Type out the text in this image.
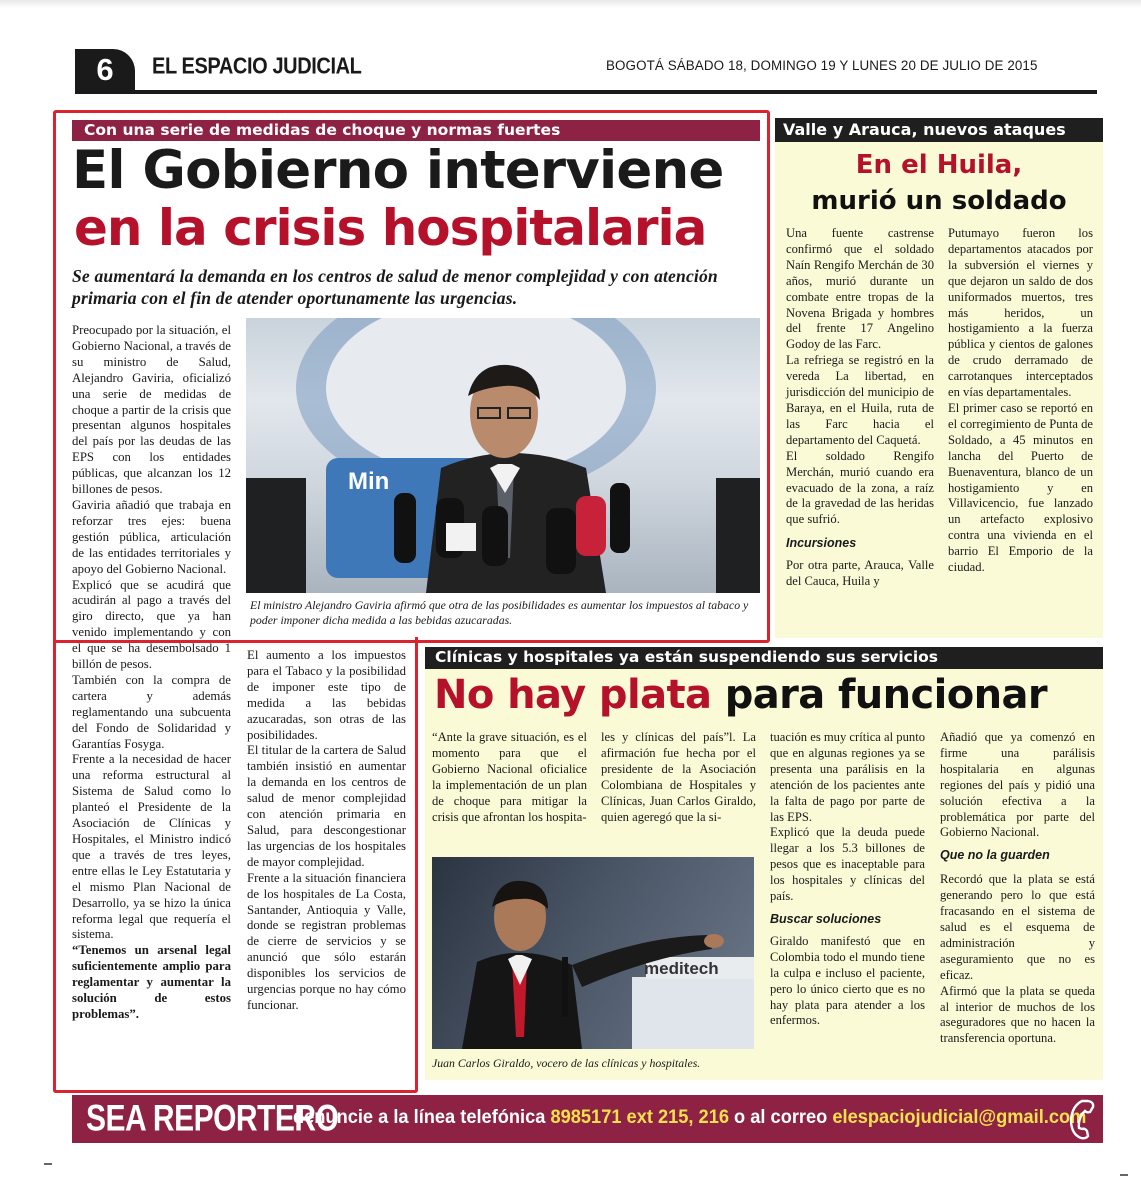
6	EL ESPACIO JUDICIAL	BOGOTÁ SÁBADO 18, DOMINGO 19 Y LUNES 20 DE JULIO DE 2015
Con una serie de medidas de choque y normas fuertes
El Gobierno interviene
en la crisis hospitalaria
Se aumentará la demanda en los centros de salud de menor complejidad y con atención primaria con el fin de atender oportunamente las urgencias.

Preocupado por la situación, el Gobierno Nacional, a través de su ministro de Salud, Alejandro Gaviria, oficializó una serie de medidas de choque a partir de la crisis que presentan algunos hospitales del país por las deudas de las EPS con los entidades públicas, que alcanzan los 12 billones de pesos.

Gaviria añadió que trabaja en reforzar tres ejes: buena gestión pública, articulación de las entidades territoriales y apoyo del Gobierno Nacional.

Explicó que se acudirá que acudirán al pago a través del giro directo, que ya han venido implementando y con el que se ha desembolsado 1 billón de pesos.

También con la compra de cartera y además reglamentando una subcuenta del Fondo de Solidaridad y Garantías Fosyga.

Frente a la necesidad de hacer una reforma estructural al Sistema de Salud como lo planteó el Presidente de la Asociación de Clínicas y Hospitales, el Ministro indicó que a través de tres leyes, entre ellas le Ley Estatutaria y el mismo Plan Nacional de Desarrollo, ya se hizo la única reforma legal que requería el sistema.

“Tenemos un arsenal legal suficientemente amplio para reglamentar y aumentar la solución de estos problemas”.

Min
El ministro Alejandro Gaviria afirmó que otra de las posibilidades es aumentar los impuestos al tabaco y poder imponer dicha medida a las bebidas azucaradas.

El aumento a los impuestos para el Tabaco y la posibilidad de imponer este tipo de medida a las bebidas azucaradas, son otras de las posibilidades.

El titular de la cartera de Salud también insistió en aumentar la demanda en los centros de salud de menor complejidad con atención primaria en Salud, para descongestionar las urgencias de los hospitales de mayor complejidad.

Frente a la situación financiera de los hospitales de La Costa, Santander, Antioquia y Valle, donde se registran problemas de cierre de servicios y se anunció que sólo estarán disponibles los servicios de urgencias porque no hay cómo funcionar.

Valle y Arauca, nuevos ataques
En el Huila,
murió un soldado

Una fuente castrense confirmó que el soldado Naín Rengifo Merchán de 30 años, murió durante un combate entre tropas de la Novena Brigada y hombres del frente 17 Angelino Godoy de las Farc.

La refriega se registró en la vereda La libertad, en jurisdicción del municipio de Baraya, en el Huila, ruta de las Farc hacia el departamento del Caquetá.

El soldado Rengifo Merchán, murió cuando era evacuado de la zona, a raíz de la gravedad de las heridas que sufrió.

Incursiones

Por otra parte, Arauca, Valle del Cauca, Huila y

Putumayo fueron los departamentos atacados por la subversión el viernes y que dejaron un saldo de dos uniformados muertos, tres más heridos, un hostigamiento a la fuerza pública y cientos de galones de crudo derramado de carrotanques interceptados en vías departamentales.

El primer caso se reportó en el corregimiento de Punta de Soldado, a 45 minutos en lancha del Puerto de Buenaventura, blanco de un hostigamiento y en Villavicencio, fue lanzado un artefacto explosivo contra una vivienda en el barrio El Emporio de la ciudad.

Clínicas y hospitales ya están suspendiendo sus servicios
No hay plata para funcionar

“Ante la grave situación, es el momento para que el Gobierno Nacional oficialice la implementación de un plan de choque para mitigar la crisis que afrontan los hospita-

les y clínicas del país”l. La afirmación fue hecha por el presidente de la Asociación Colombiana de Hospitales y Clínicas, Juan Carlos Giraldo, quien ageregó que la si-

meditech
Juan Carlos Giraldo, vocero de las clínicas y hospitales.

tuación es muy crítica al punto que en algunas regiones ya se presenta una parálisis en la atención de los pacientes ante la falta de pago por parte de las EPS.

Explicó que la deuda puede llegar a los 5.3 billones de pesos que es inaceptable para los hospitales y clínicas del país.

Buscar soluciones

Giraldo manifestó que en Colombia todo el mundo tiene la culpa e incluso el paciente, pero lo único cierto que es no hay plata para atender a los enfermos.

Añadió que ya comenzó en firme una parálisis hospitalaria en algunas regiones del país y pidió una solución efectiva a la problemática por parte del Gobierno Nacional.

Que no la guarden

Recordó que la plata se está generando pero lo que está fracasando en el sistema de salud es el esquema de administración y aseguramiento que no es eficaz.

Afirmó que la plata se queda al interior de muchos de los aseguradores que no hacen la transferencia oportuna.

SEA REPORTERO
denuncie a la línea telefónica 8985171 ext 215, 216 o al correo elespaciojudicial@gmail.com
